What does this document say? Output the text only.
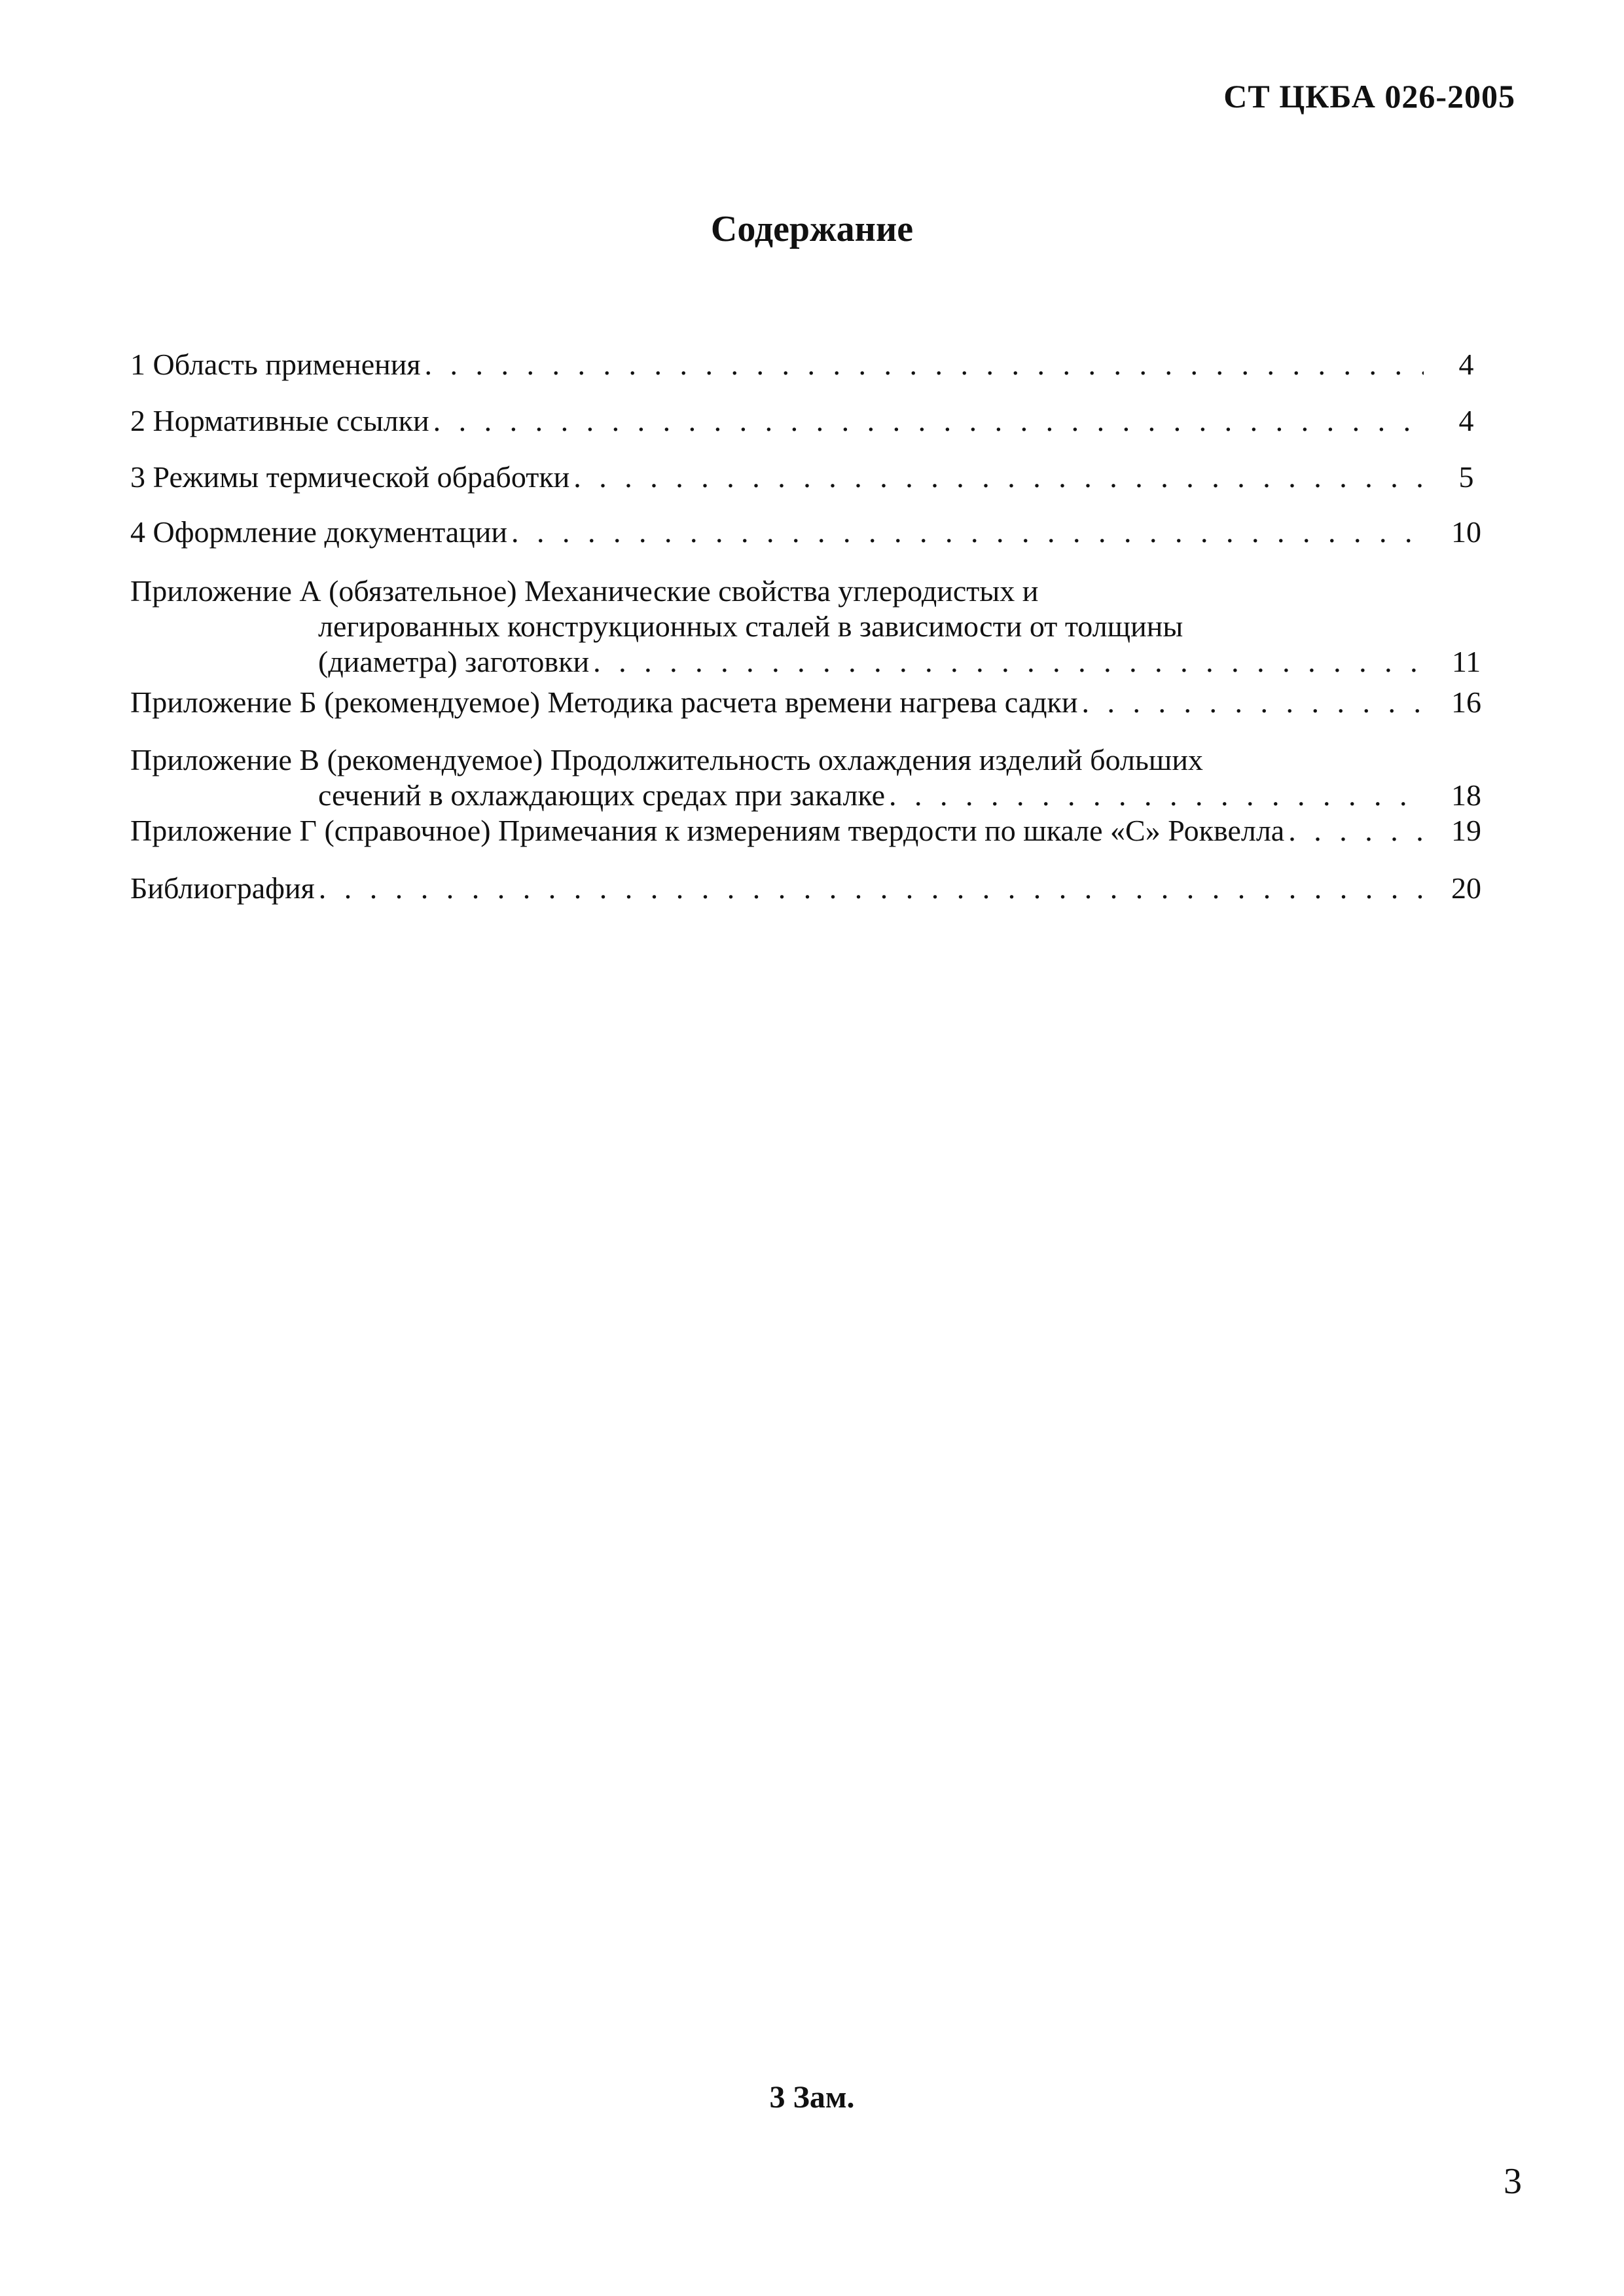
СТ ЦКБА 026-2005
Содержание
1 Область применения . . .	4
2 Нормативные ссылки . . .	4
3 Режимы термической обработки . . .	5
4 Оформление документации . . .	10
Приложение А (обязательное) Механические свойства углеродистых и
легированных конструкционных сталей в зависимости от толщины
(диаметра) заготовки . . .	11
Приложение Б (рекомендуемое) Методика расчета времени нагрева садки . . .	16
Приложение В (рекомендуемое) Продолжительность охлаждения изделий больших
сечений в охлаждающих средах при закалке . . .	18
Приложение Г (справочное) Примечания к измерениям твердости по шкале «С» Роквелла . . .	19
Библиография . . .	20
3 Зам.
3
